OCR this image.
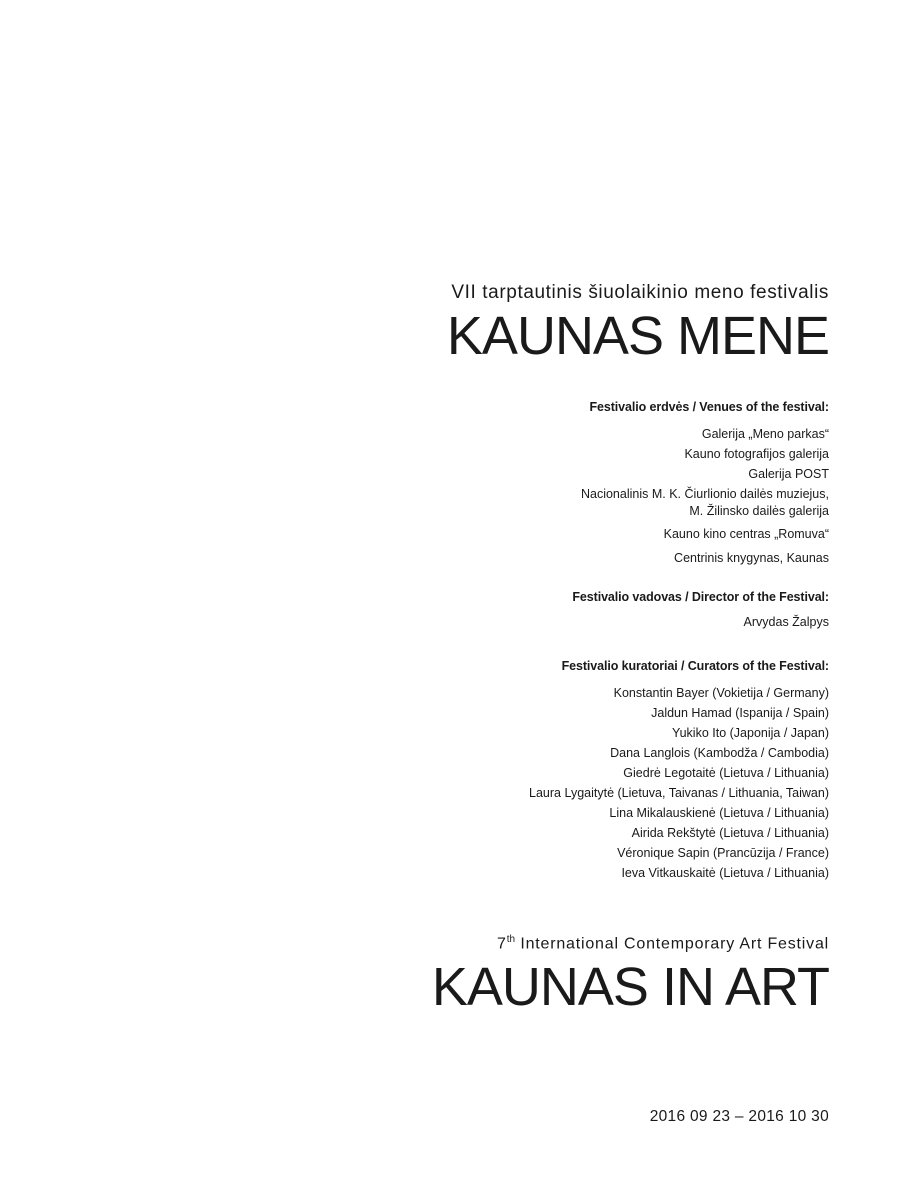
VII tarptautinis šiuolaikinio meno festivalis
KAUNAS MENE
Festivalio erdvės / Venues of the festival:
Galerija „Meno parkas“
Kauno fotografijos galerija
Galerija POST
Nacionalinis M. K. Čiurlionio dailės muziejus,
M. Žilinsko dailės galerija
Kauno kino centras „Romuva“
Centrinis knygynas, Kaunas
Festivalio vadovas / Director of the Festival:
Arvydas Žalpys
Festivalio kuratoriai / Curators of the Festival:
Konstantin Bayer (Vokietija / Germany)
Jaldun Hamad (Ispanija / Spain)
Yukiko Ito (Japonija / Japan)
Dana Langlois (Kambodža / Cambodia)
Giedrė Legotaitė (Lietuva / Lithuania)
Laura Lygaitytė (Lietuva, Taivanas / Lithuania, Taiwan)
Lina Mikalauskienė (Lietuva / Lithuania)
Airida Rekštytė (Lietuva / Lithuania)
Véronique Sapin (Prancūzija / France)
Ieva Vitkauskaitė (Lietuva / Lithuania)
7th International Contemporary Art Festival
KAUNAS IN ART
2016 09 23 – 2016 10 30
